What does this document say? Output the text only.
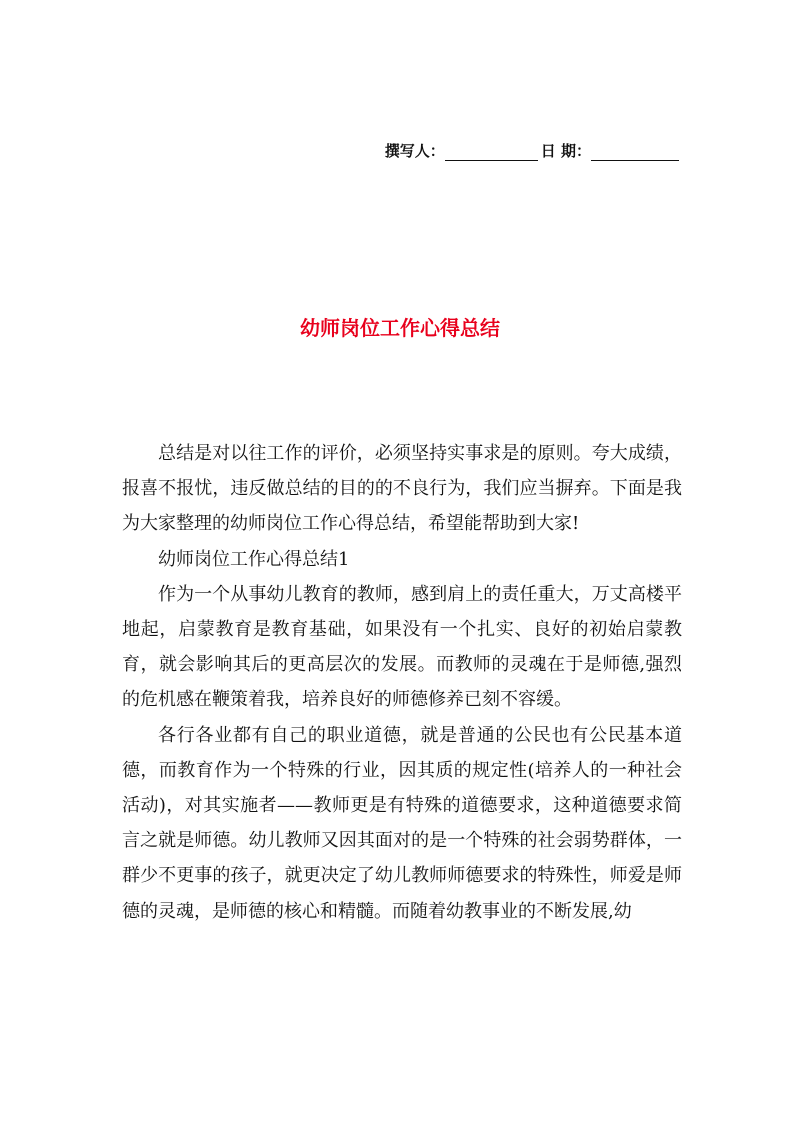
撰写人：	日 期：
幼师岗位工作心得总结

总结是对以往工作的评价，必须坚持实事求是的原则。夸大成绩，报喜不报忧，违反做总结的目的的不良行为，我们应当摒弃。下面是我为大家整理的幼师岗位工作心得总结，希望能帮助到大家!

幼师岗位工作心得总结1

作为一个从事幼儿教育的教师，感到肩上的责任重大，万丈高楼平地起，启蒙教育是教育基础，如果没有一个扎实、良好的初始启蒙教育，就会影响其后的更高层次的发展。而教师的灵魂在于是师德,强烈的危机感在鞭策着我，培养良好的师德修养已刻不容缓。

各行各业都有自己的职业道德，就是普通的公民也有公民基本道德，而教育作为一个特殊的行业，因其质的规定性(培养人的一种社会活动)，对其实施者——教师更是有特殊的道德要求，这种道德要求简言之就是师德。幼儿教师又因其面对的是一个特殊的社会弱势群体，一群少不更事的孩子，就更决定了幼儿教师师德要求的特殊性，师爱是师德的灵魂，是师德的核心和精髓。而随着幼教事业的不断发展,幼
